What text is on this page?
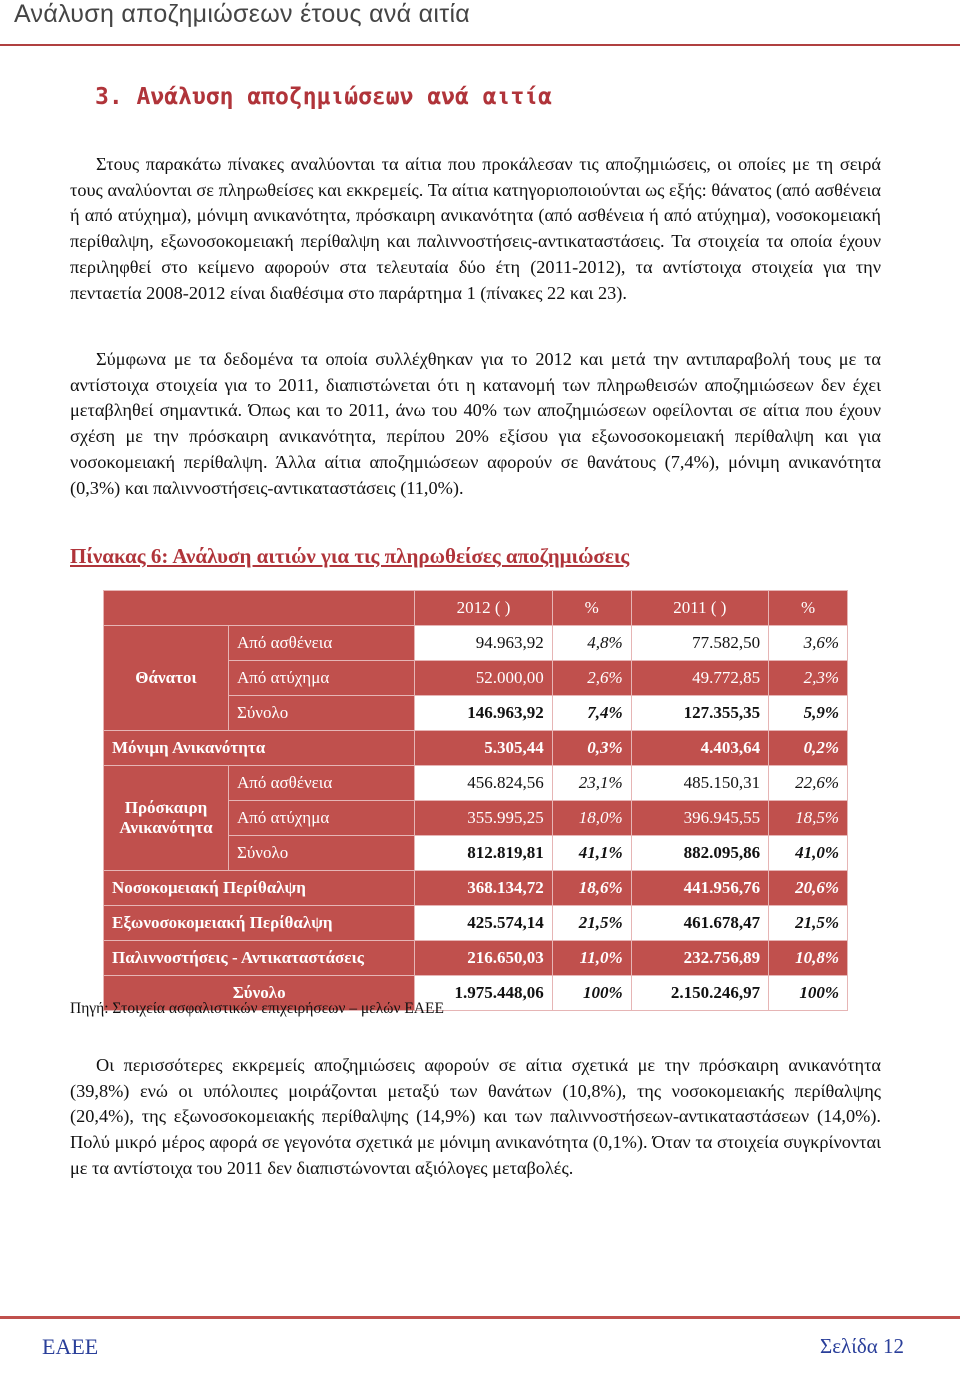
Ανάλυση αποζημιώσεων έτους ανά αιτία
3. Ανάλυση αποζημιώσεων ανά αιτία

Στους παρακάτω πίνακες αναλύονται τα αίτια που προκάλεσαν τις αποζημιώσεις, οι οποίες με τη σειρά τους αναλύονται σε πληρωθείσες και εκκρεμείς. Τα αίτια κατηγοριοποιούνται ως εξής: θάνατος (από ασθένεια ή από ατύχημα), μόνιμη ανικανότητα, πρόσκαιρη ανικανότητα (από ασθένεια ή από ατύχημα), νοσοκομειακή περίθαλψη, εξωνοσοκομειακή περίθαλψη και παλιννοστήσεις-αντικαταστάσεις. Τα στοιχεία τα οποία έχουν περιληφθεί στο κείμενο αφορούν στα τελευταία δύο έτη (2011-2012), τα αντίστοιχα στοιχεία για την πενταετία 2008-2012 είναι διαθέσιμα στο παράρτημα 1 (πίνακες 22 και 23).

Σύμφωνα με τα δεδομένα τα οποία συλλέχθηκαν για το 2012 και μετά την αντιπαραβολή τους με τα αντίστοιχα στοιχεία για το 2011, διαπιστώνεται ότι η κατανομή των πληρωθεισών αποζημιώσεων δεν έχει μεταβληθεί σημαντικά. Όπως και το 2011, άνω του 40% των αποζημιώσεων οφείλονται σε αίτια που έχουν σχέση με την πρόσκαιρη ανικανότητα, περίπου 20% εξίσου για εξωνοσοκομειακή περίθαλψη και για νοσοκομειακή περίθαλψη. Άλλα αίτια αποζημιώσεων αφορούν σε θανάτους (7,4%), μόνιμη ανικανότητα (0,3%) και παλιννοστήσεις-αντικαταστάσεις (11,0%).

Πίνακας 6: Ανάλυση αιτιών για τις πληρωθείσες αποζημιώσεις
		2012 ( )	%	2011 ( )	%
Θάνατοι	Από ασθένεια	94.963,92	4,8%	77.582,50	3,6%
	Από ατύχημα	52.000,00	2,6%	49.772,85	2,3%
	Σύνολο	146.963,92	7,4%	127.355,35	5,9%
Μόνιμη Ανικανότητα		5.305,44	0,3%	4.403,64	0,2%
Πρόσκαιρη Ανικανότητα	Από ασθένεια	456.824,56	23,1%	485.150,31	22,6%
	Από ατύχημα	355.995,25	18,0%	396.945,55	18,5%
	Σύνολο	812.819,81	41,1%	882.095,86	41,0%
Νοσοκομειακή Περίθαλψη		368.134,72	18,6%	441.956,76	20,6%
Εξωνοσοκομειακή Περίθαλψη		425.574,14	21,5%	461.678,47	21,5%
Παλιννοστήσεις - Αντικαταστάσεις		216.650,03	11,0%	232.756,89	10,8%
Σύνολο		1.975.448,06	100%	2.150.246,97	100%
Πηγή: Στοιχεία ασφαλιστικών επιχειρήσεων – μελών ΕΑΕΕ

Οι περισσότερες εκκρεμείς αποζημιώσεις αφορούν σε αίτια σχετικά με την πρόσκαιρη ανικανότητα (39,8%) ενώ οι υπόλοιπες μοιράζονται μεταξύ των θανάτων (10,8%), της νοσοκομειακής περίθαλψης (20,4%), της εξωνοσοκομειακής περίθαλψης (14,9%) και των παλιννοστήσεων-αντικαταστάσεων (14,0%). Πολύ μικρό μέρος αφορά σε γεγονότα σχετικά με μόνιμη ανικανότητα (0,1%). Όταν τα στοιχεία συγκρίνονται με τα αντίστοιχα του 2011 δεν διαπιστώνονται αξιόλογες μεταβολές.

ΕΑΕΕ	Σελίδα 12
